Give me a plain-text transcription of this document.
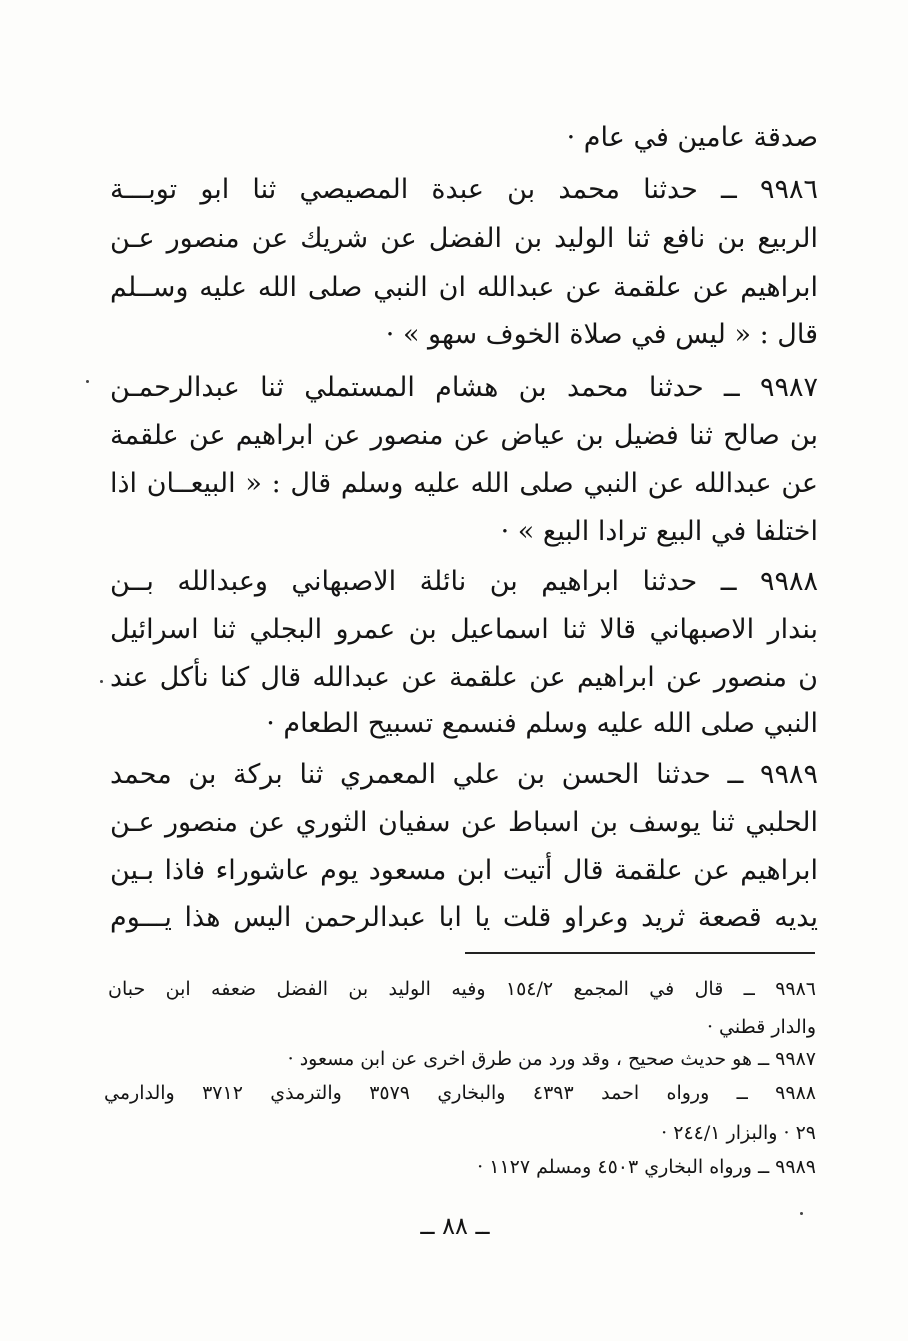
صدقة عامين في عام ·
٩٩٨٦ ــ حدثنا محمد بن عبدة المصيصي ثنا ابو توبـــة
الربيع بن نافع ثنا الوليد بن الفضل عن شريك عن منصور عـن
ابراهيم عن علقمة عن عبدالله ان النبي صلى الله عليه وســلم
قال : « ليس في صلاة الخوف سهو » ·
٩٩٨٧ ــ حدثنا محمد بن هشام المستملي ثنا عبدالرحمـن
بن صالح ثنا فضيل بن عياض عن منصور عن ابراهيم عن علقمة
عن عبدالله عن النبي صلى الله عليه وسلم قال : « البيعــان اذا
اختلفا في البيع ترادا البيع » ·
٩٩٨٨ ــ حدثنا ابراهيم بن نائلة الاصبهاني وعبدالله بــن
بندار الاصبهاني قالا ثنا اسماعيل بن عمرو البجلي ثنا اسرائيل
ن منصور عن ابراهيم عن علقمة عن عبدالله قال كنا نأكل عند
النبي صلى الله عليه وسلم فنسمع تسبيح الطعام ·
٩٩٨٩ ــ حدثنا الحسن بن علي المعمري ثنا بركة بن محمد
الحلبي ثنا يوسف بن اسباط عن سفيان الثوري عن منصور عـن
ابراهيم عن علقمة قال أتيت ابن مسعود يوم عاشوراء فاذا بـين
يديه قصعة ثريد وعراو قلت يا ابا عبدالرحمن اليس هذا يـــوم
٩٩٨٦ ــ قال في المجمع ١٥٤/٢ وفيه الوليد بن الفضل ضعفه ابن حبان
والدار قطني ·
٩٩٨٧ ــ هو حديث صحيح ، وقد ورد من طرق اخرى عن ابن مسعود ·
٩٩٨٨ ــ ورواه احمد ٤٣٩٣ والبخاري ٣٥٧٩ والترمذي ٣٧١٢ والدارمي
٢٩ · والبزار ٢٤٤/١ ·
٩٩٨٩ ــ ورواه البخاري ٤٥٠٣ ومسلم ١١٢٧ ·
ــ ٨٨ ــ
